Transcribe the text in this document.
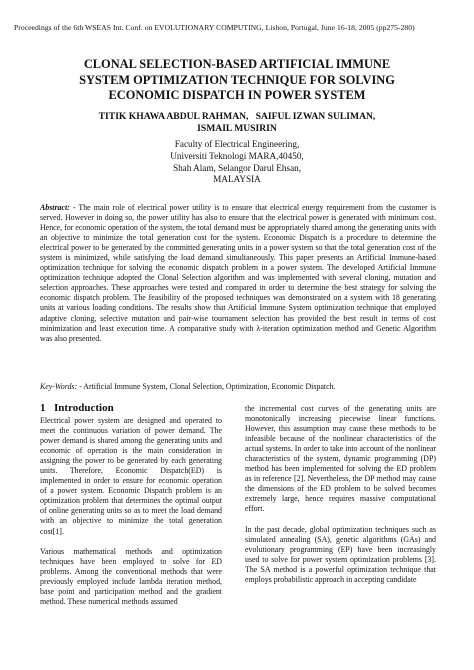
Proceedings of the 6th WSEAS Int. Conf. on EVOLUTIONARY COMPUTING, Lisbon, Portugal, June 16-18, 2005 (pp275-280)
CLONAL SELECTION-BASED ARTIFICIAL IMMUNE
SYSTEM OPTIMIZATION TECHNIQUE FOR SOLVING
ECONOMIC DISPATCH IN POWER SYSTEM
TITIK KHAWA ABDUL RAHMAN,   SAIFUL IZWAN SULIMAN,
ISMAIL MUSIRIN
Faculty of Electrical Engineering,
Universiti Teknologi MARA,40450,
Shah Alam, Selangor Darul Ehsan,
MALAYSIA
Abstract: - The main role of electrical power utility is to ensure that electrical energy requirement from the customer is served. However in doing so, the power utility has also to ensure that the electrical power is generated with minimum cost. Hence, for economic operation of the system, the total demand must be appropriately shared among the generating units with an objective to minimize the total generation cost for the system. Economic Dispatch is a procedure to determine the electrical power to be generated by the committed generating units in a power system so that the total generation cost of the system is minimized, while satisfying the load demand simultaneously. This paper presents an Artificial Immune-based optimization technique for solving the economic dispatch problem in a power system. The developed Artificial Immune optimization technique adopted the Clonal Selection algorithm and was implemented with several cloning, mutation and selection approaches. These approaches were tested and compared in order to determine the best strategy for solving the economic dispatch problem. The feasibility of the proposed techniques was demonstrated on a system with 18 generating units at various loading conditions. The results show that Artificial Immune System optimization technique that employed adaptive cloning, selective mutation and pair-wise tournament selection has provided the best result in terms of cost minimization and least execution time. A comparative study with λ-iteration optimization method and Genetic Algorithm was also presented.
Key-Words: - Artificial Immune System, Clonal Selection, Optimization, Economic Dispatch.
1 Introduction

Electrical power system are designed and operated to meet the continuous variation of power demand. The power demand is shared among the generating units and economic of operation is the main consideration in assigning the power to be generated by each generating units. Therefore, Economic Dispatch(ED) is implemented in order to ensure for economic operation of a power system. Economic Dispatch problem is an optimization problem that determines the optimal output of online generating units so as to meet the load demand with an objective to minimize the total generation cost[1].

Various mathematical methods and optimization techniques have been employed to solve for ED problems. Among the conventional methods that were previously employed include lambda iteration method, base point and participation method and the gradient method. These numerical methods assumed

the incremental cost curves of the generating units are monotonically increasing piecewise linear functions. However, this assumption may cause these methods to be infeasible because of the nonlinear characteristics of the actual systems. In order to take into account of the nonlinear characteristics of the system, dynamic programming (DP) method has been implemented for solving the ED problem as in reference [2]. Nevertheless, the DP method may cause the dimensions of the ED problem to be solved becomes extremely large, hence requires massive computational effort.

In the past decade, global optimization techniques such as simulated annealing (SA), genetic algorithms (GAs) and evolutionary programming (EP) have been increasingly used to solve for power system optimization problems [3]. The SA method is a powerful optimization technique that employs probabilistic approach in accepting candidate
